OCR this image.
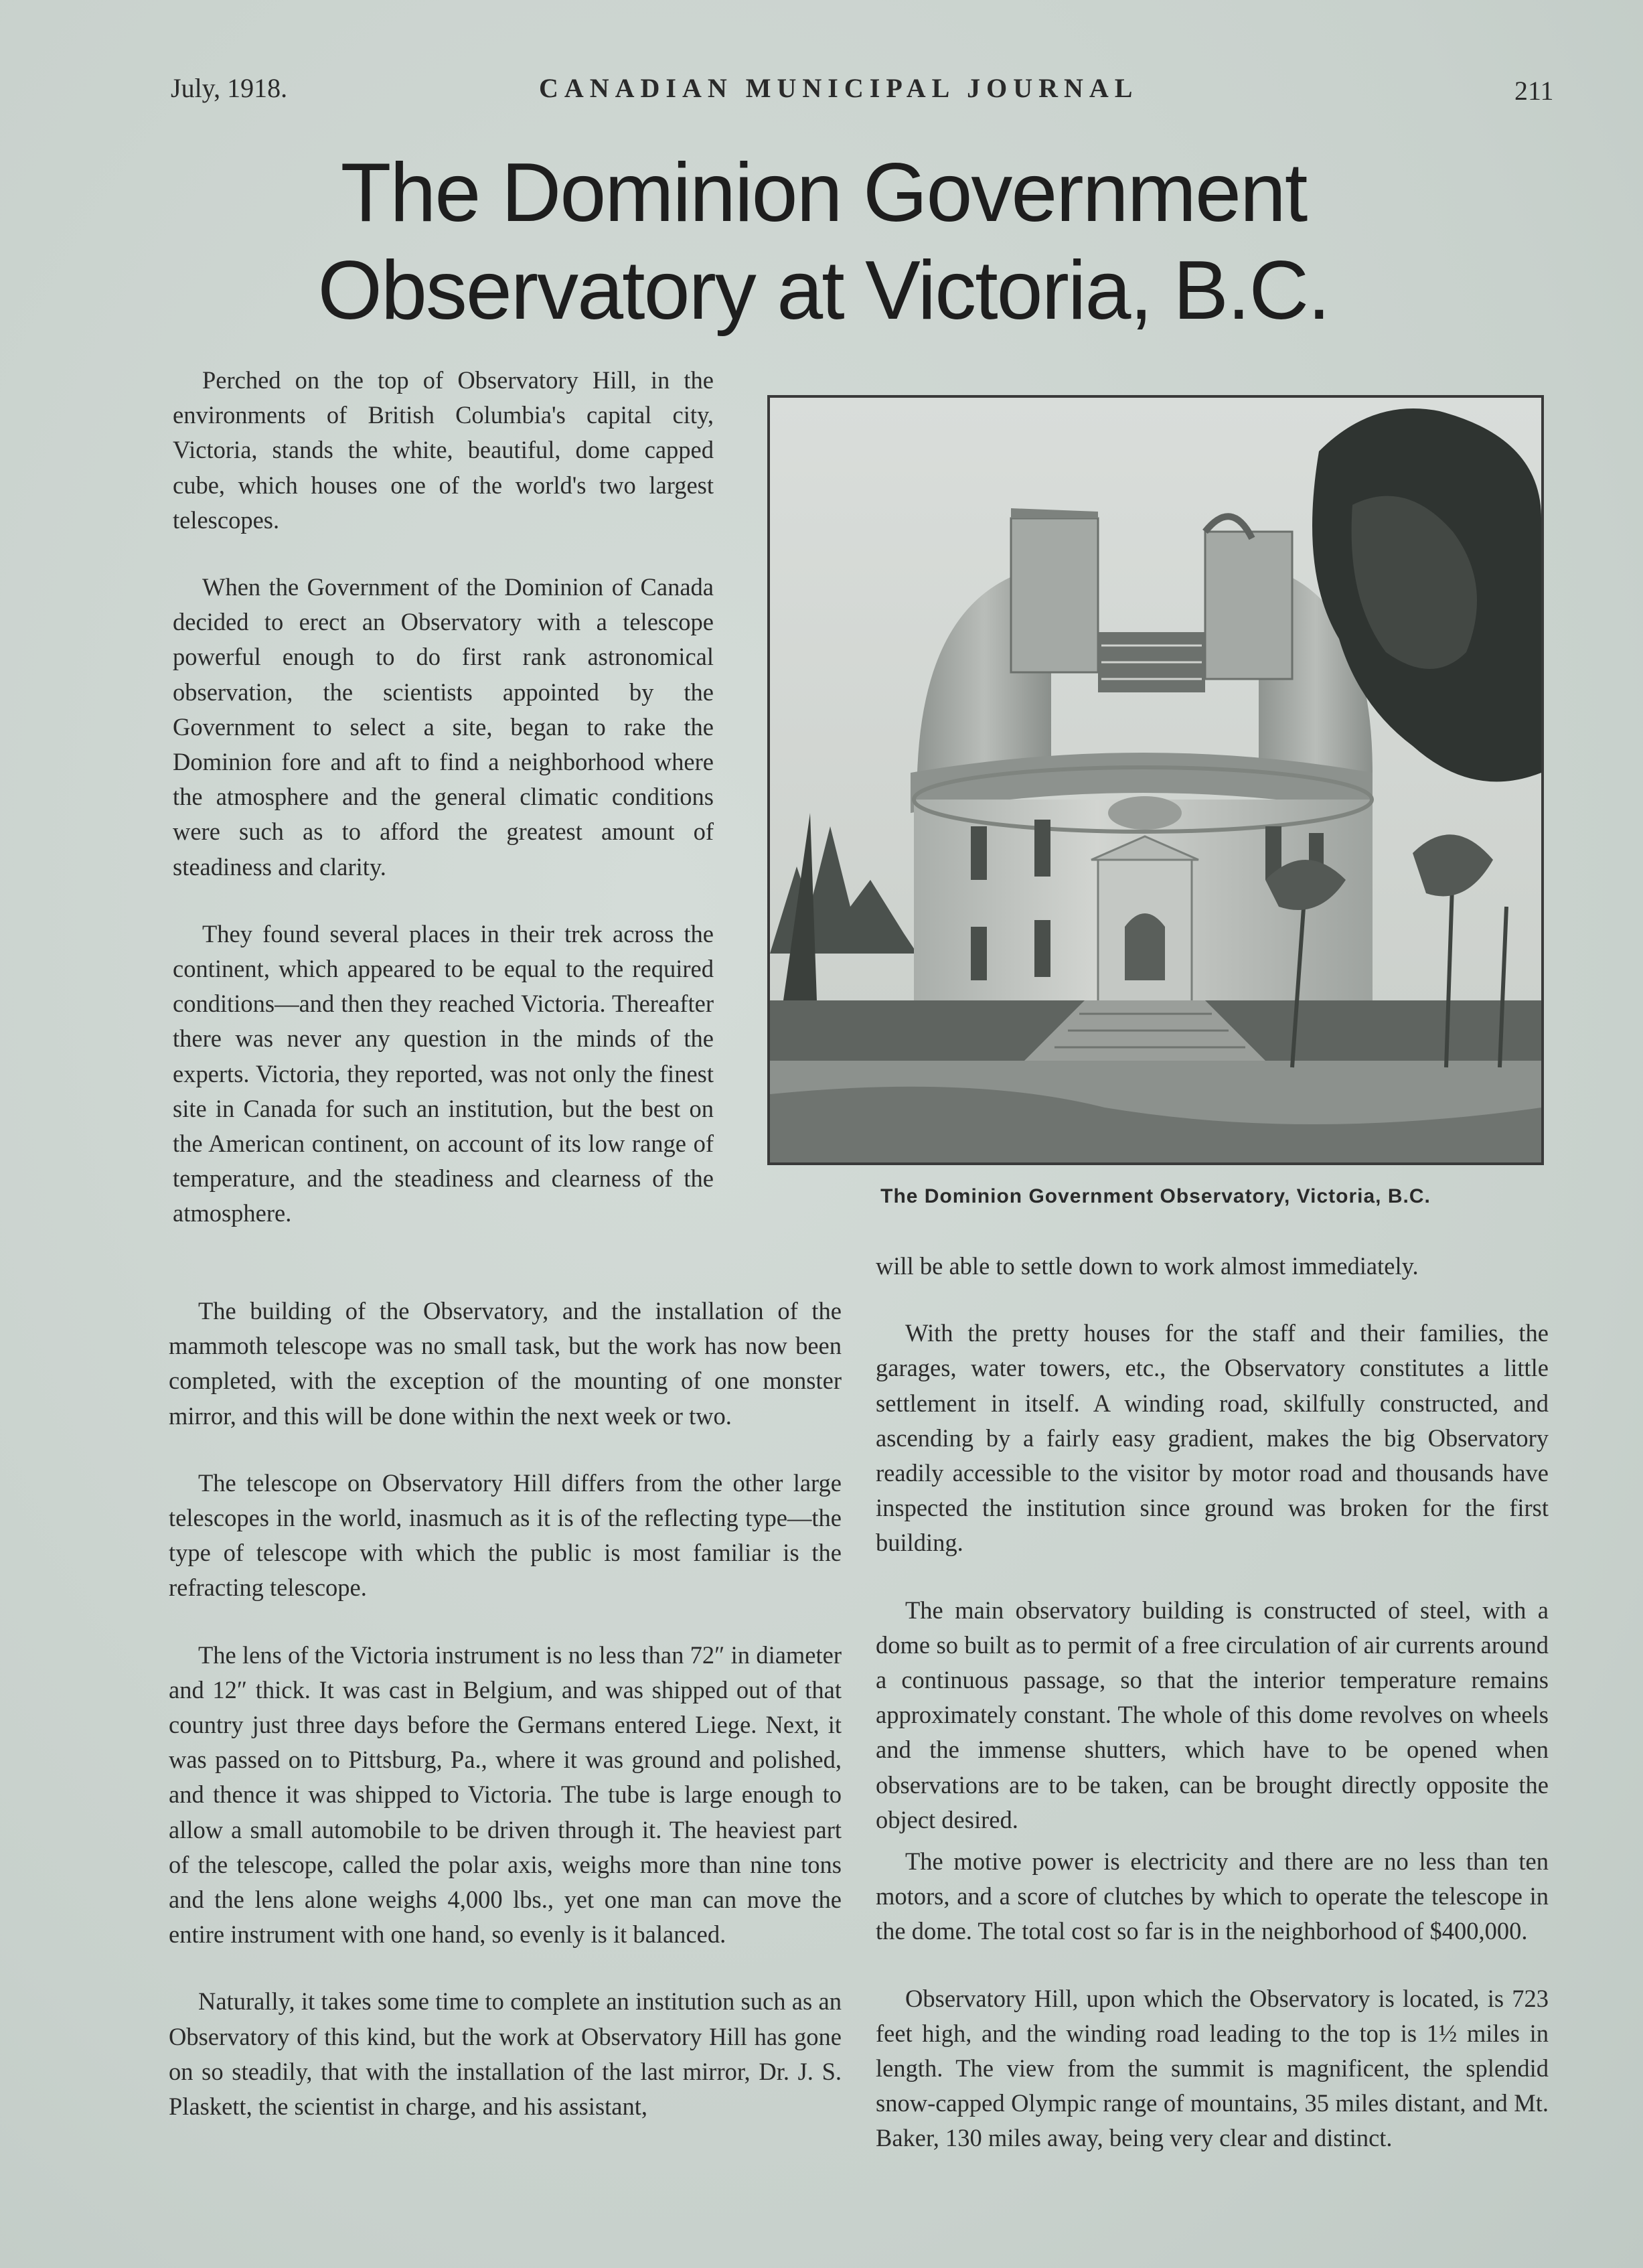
July, 1918.	CANADIAN MUNICIPAL JOURNAL	211
The Dominion Government Observatory at Victoria, B.C.

Perched on the top of Observatory Hill, in the environments of British Columbia's capital city, Victoria, stands the white, beautiful, dome capped cube, which houses one of the world's two largest telescopes.

When the Government of the Dominion of Canada decided to erect an Observatory with a telescope powerful enough to do first rank astronomical observation, the scientists appointed by the Government to select a site, began to rake the Dominion fore and aft to find a neighborhood where the atmosphere and the general climatic conditions were such as to afford the greatest amount of steadiness and clarity.

They found several places in their trek across the continent, which appeared to be equal to the required conditions—and then they reached Victoria. Thereafter there was never any question in the minds of the experts. Victoria, they reported, was not only the finest site in Canada for such an institution, but the best on the American continent, on account of its low range of temperature, and the steadiness and clearness of the atmosphere.

The Dominion Government Observatory, Victoria, B.C.

The building of the Observatory, and the installation of the mammoth telescope was no small task, but the work has now been completed, with the exception of the mounting of one monster mirror, and this will be done within the next week or two.

The telescope on Observatory Hill differs from the other large telescopes in the world, inasmuch as it is of the reflecting type—the type of telescope with which the public is most familiar is the refracting telescope.

The lens of the Victoria instrument is no less than 72″ in diameter and 12″ thick. It was cast in Belgium, and was shipped out of that country just three days before the Germans entered Liege. Next, it was passed on to Pittsburg, Pa., where it was ground and polished, and thence it was shipped to Victoria. The tube is large enough to allow a small automobile to be driven through it. The heaviest part of the telescope, called the polar axis, weighs more than nine tons and the lens alone weighs 4,000 lbs., yet one man can move the entire instrument with one hand, so evenly is it balanced.

Naturally, it takes some time to complete an institution such as an Observatory of this kind, but the work at Observatory Hill has gone on so steadily, that with the installation of the last mirror, Dr. J. S. Plaskett, the scientist in charge, and his assistant,

will be able to settle down to work almost immediately.

With the pretty houses for the staff and their families, the garages, water towers, etc., the Observatory constitutes a little settlement in itself. A winding road, skilfully constructed, and ascending by a fairly easy gradient, makes the big Observatory readily accessible to the visitor by motor road and thousands have inspected the institution since ground was broken for the first building.

The main observatory building is constructed of steel, with a dome so built as to permit of a free circulation of air currents around a continuous passage, so that the interior temperature remains approximately constant. The whole of this dome revolves on wheels and the immense shutters, which have to be opened when observations are to be taken, can be brought directly opposite the object desired.

The motive power is electricity and there are no less than ten motors, and a score of clutches by which to operate the telescope in the dome. The total cost so far is in the neighborhood of $400,000.

Observatory Hill, upon which the Observatory is located, is 723 feet high, and the winding road leading to the top is 1½ miles in length. The view from the summit is magnificent, the splendid snow-capped Olympic range of mountains, 35 miles distant, and Mt. Baker, 130 miles away, being very clear and distinct.
